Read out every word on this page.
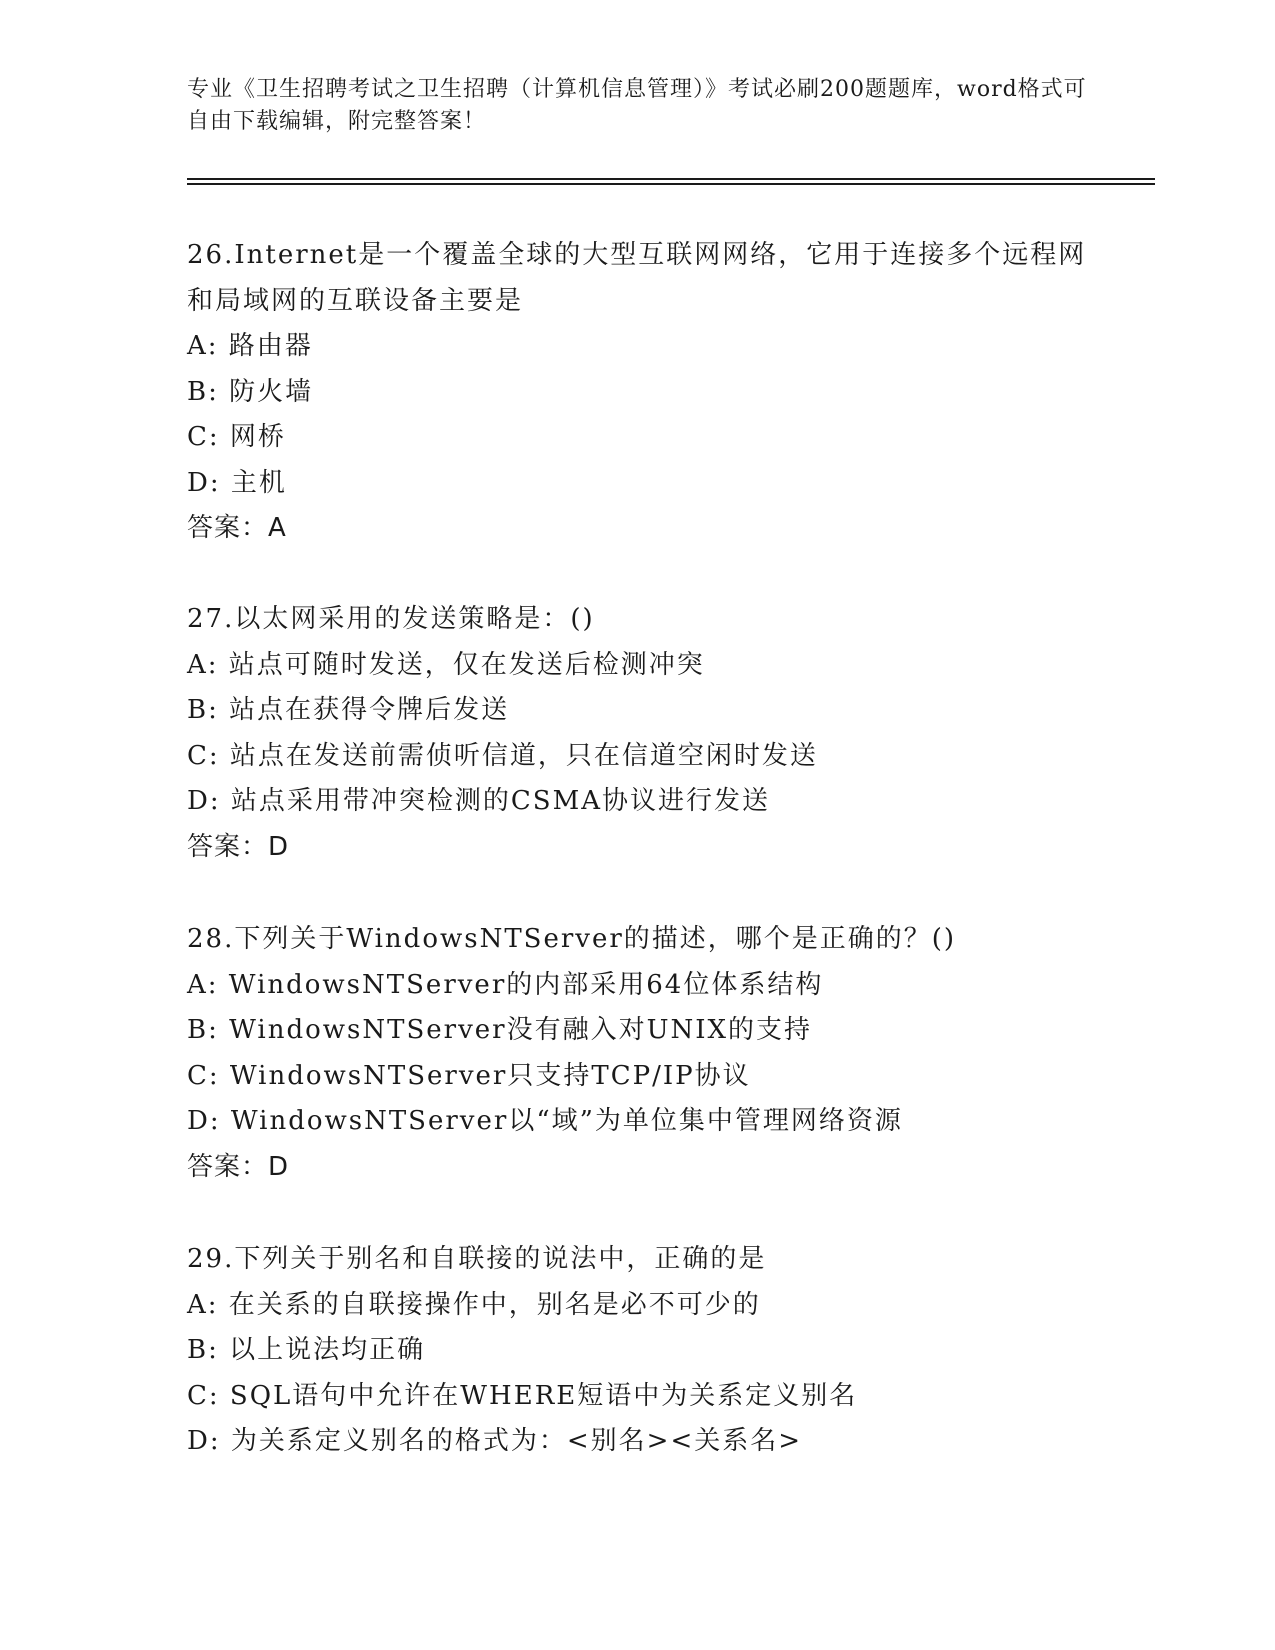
专业《卫生招聘考试之卫生招聘（计算机信息管理）》考试必刷200题题库，word格式可自由下载编辑，附完整答案！
26.Internet是一个覆盖全球的大型互联网网络，它用于连接多个远程网和局域网的互联设备主要是
A: 路由器
B: 防火墙
C: 网桥
D: 主机
答案：A
27.以太网采用的发送策略是：()
A: 站点可随时发送，仅在发送后检测冲突
B: 站点在获得令牌后发送
C: 站点在发送前需侦听信道，只在信道空闲时发送
D: 站点采用带冲突检测的CSMA协议进行发送
答案：D
28.下列关于WindowsNTServer的描述，哪个是正确的？()
A: WindowsNTServer的内部采用64位体系结构
B: WindowsNTServer没有融入对UNIX的支持
C: WindowsNTServer只支持TCP/IP协议
D: WindowsNTServer以“域”为单位集中管理网络资源
答案：D
29.下列关于别名和自联接的说法中，正确的是
A: 在关系的自联接操作中，别名是必不可少的
B: 以上说法均正确
C: SQL语句中允许在WHERE短语中为关系定义别名
D: 为关系定义别名的格式为：<别名><关系名>
